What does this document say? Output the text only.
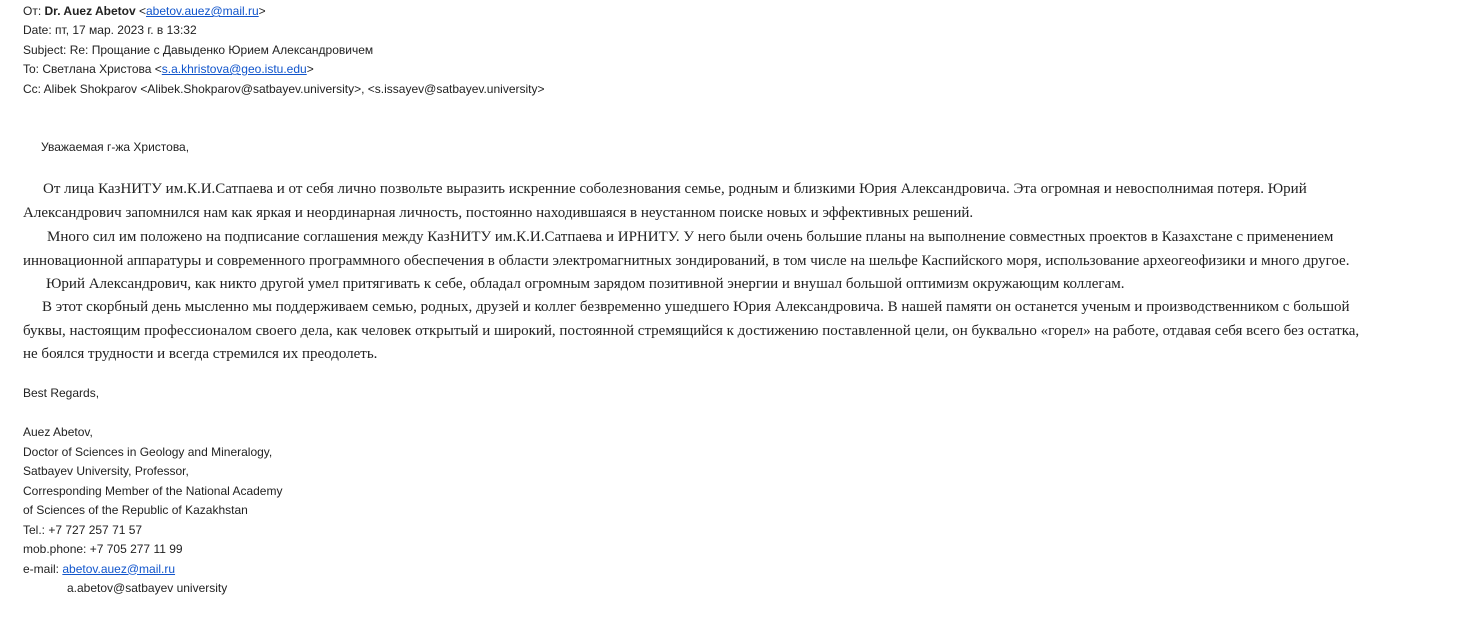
От: Dr. Auez Abetov <abetov.auez@mail.ru>
Date: пт, 17 мар. 2023 г. в 13:32
Subject: Re: Прощание с Давыденко Юрием Александровичем
To: Светлана Христова <s.a.khristova@geo.istu.edu>
Cc: Alibek Shokparov <Alibek.Shokparov@satbayev.university>, <s.issayev@satbayev.university>
Уважаемая г-жа Христова,
От лица КазНИТУ им.К.И.Сатпаева и от себя лично позвольте выразить искренние соболезнования семье, родным и близкими Юрия Александровича. Эта огромная и невосполнимая потеря. Юрий
Александрович запомнился нам как яркая и неординарная личность, постоянно находившаяся в неустанном поиске новых и эффективных решений.
Много сил им положено на подписание соглашения между КазНИТУ им.К.И.Сатпаева и ИРНИТУ. У него были очень большие планы на выполнение совместных проектов в Казахстане с применением
инновационной аппаратуры и современного программного обеспечения в области электромагнитных зондирований, в том числе на шельфе Каспийского моря, использование археогеофизики и много другое.
Юрий Александрович, как никто другой умел притягивать к себе, обладал огромным зарядом позитивной энергии и внушал большой оптимизм окружающим коллегам.
В этот скорбный день мысленно мы поддерживаем семью, родных, друзей и коллег безвременно ушедшего Юрия Александровича. В нашей памяти он останется ученым и производственником с большой
буквы, настоящим профессионалом своего дела, как человек открытый и широкий, постоянной стремящийся к достижению поставленной цели, он буквально «горел» на работе, отдавая себя всего без остатка,
не боялся трудности и всегда стремился их преодолеть.
Best Regards,
Auez Abetov,
Doctor of Sciences in Geology and Mineralogy,
Satbayev University, Professor,
Corresponding Member of the National Academy
of Sciences of the Republic of Kazakhstan
Tel.: +7 727 257 71 57
mob.phone: +7 705 277 11 99
e-mail: abetov.auez@mail.ru
a.abetov@satbayev university
